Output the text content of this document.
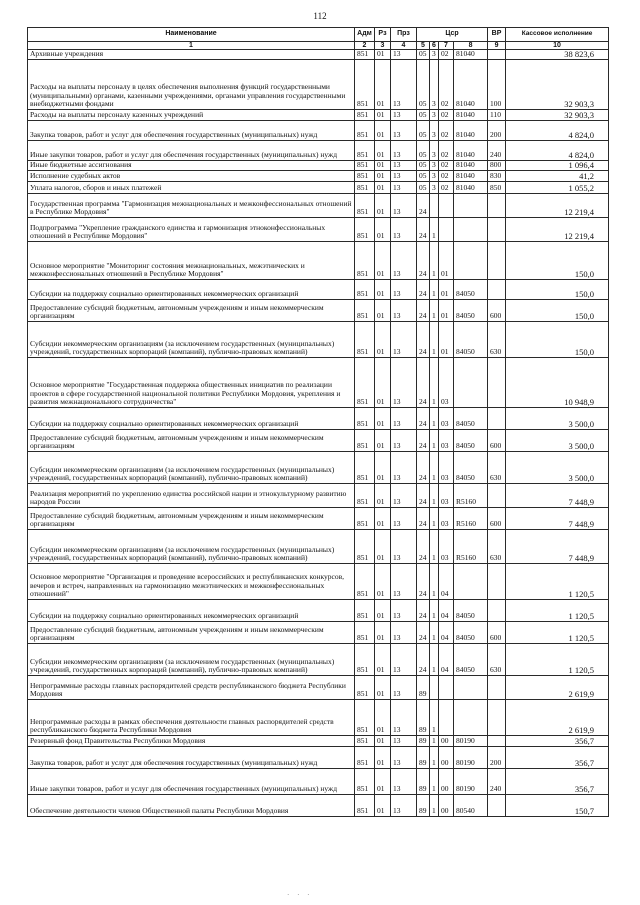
112
Наименование	Адм	Рз	Прз	Цср				ВР	Кассовое исполнение
1	2	3	4	5	6	7	8	9	10
Архивные учреждения	851	01	13	05	3	02	81040		38 823,6
Расходы на выплаты персоналу в целях обеспечения выполнения функций государственными (муниципальными) органами, казенными учреждениями, органами управления государственными внебюджетными фондами	851	01	13	05	3	02	81040	100	32 903,3
Расходы на выплаты персоналу казенных учреждений	851	01	13	05	3	02	81040	110	32 903,3
Закупка товаров, работ и услуг для обеспечения государственных (муниципальных) нужд	851	01	13	05	3	02	81040	200	4 824,0
Иные закупки товаров, работ и услуг для обеспечения государственных (муниципальных) нужд	851	01	13	05	3	02	81040	240	4 824,0
Иные бюджетные ассигнования	851	01	13	05	3	02	81040	800	1 096,4
Исполнение судебных актов	851	01	13	05	3	02	81040	830	41,2
Уплата налогов, сборов и иных платежей	851	01	13	05	3	02	81040	850	1 055,2
Государственная программа "Гармонизация межнациональных и межконфессиональных отношений в Республике Мордовия"	851	01	13	24					12 219,4
Подпрограмма "Укрепление гражданского единства и гармонизация этноконфессиональных отношений в Республике Мордовия"	851	01	13	24	1				12 219,4
Основное мероприятие "Мониторинг состояния межнациональных, межэтнических и межконфессиональных отношений в Республике Мордовия"	851	01	13	24	1	01			150,0
Субсидии на поддержку социально ориентированных некоммерческих организаций	851	01	13	24	1	01	84050		150,0
Предоставление субсидий бюджетным, автономным учреждениям и иным некоммерческим организациям	851	01	13	24	1	01	84050	600	150,0
Субсидии некоммерческим организациям (за исключением государственных (муниципальных) учреждений, государственных корпораций (компаний), публично-правовых компаний)	851	01	13	24	1	01	84050	630	150,0
Основное мероприятие "Государственная поддержка общественных инициатив по реализации проектов в сфере государственной национальной политики Республики Мордовия, укрепления и развития межнационального сотрудничества"	851	01	13	24	1	03			10 948,9
Субсидии на поддержку социально ориентированных некоммерческих организаций	851	01	13	24	1	03	84050		3 500,0
Предоставление субсидий бюджетным, автономным учреждениям и иным некоммерческим организациям	851	01	13	24	1	03	84050	600	3 500,0
Субсидии некоммерческим организациям (за исключением государственных (муниципальных) учреждений, государственных корпораций (компаний), публично-правовых компаний)	851	01	13	24	1	03	84050	630	3 500,0
Реализация мероприятий по укреплению единства российской нации и этнокультурному развитию народов России	851	01	13	24	1	03	R5160		7 448,9
Предоставление субсидий бюджетным, автономным учреждениям и иным некоммерческим организациям	851	01	13	24	1	03	R5160	600	7 448,9
Субсидии некоммерческим организациям (за исключением государственных (муниципальных) учреждений, государственных корпораций (компаний), публично-правовых компаний)	851	01	13	24	1	03	R5160	630	7 448,9
Основное мероприятие "Организация и проведение всероссийских и республиканских конкурсов, вечеров и встреч, направленных на гармонизацию межэтнических и межконфессиональных отношений"	851	01	13	24	1	04			1 120,5
Субсидии на поддержку социально ориентированных некоммерческих организаций	851	01	13	24	1	04	84050		1 120,5
Предоставление субсидий бюджетным, автономным учреждениям и иным некоммерческим организациям	851	01	13	24	1	04	84050	600	1 120,5
Субсидии некоммерческим организациям (за исключением государственных (муниципальных) учреждений, государственных корпораций (компаний), публично-правовых компаний)	851	01	13	24	1	04	84050	630	1 120,5
Непрограммные расходы главных распорядителей средств республиканского бюджета Республики Мордовия	851	01	13	89					2 619,9
Непрограммные расходы в рамках обеспечения деятельности главных распорядителей средств республиканского бюджета Республики Мордовия	851	01	13	89	1				2 619,9
Резервный фонд Правительства Республики Мордовия	851	01	13	89	1	00	80190		356,7
Закупка товаров, работ и услуг для обеспечения государственных (муниципальных) нужд	851	01	13	89	1	00	80190	200	356,7
Иные закупки товаров, работ и услуг для обеспечения государственных (муниципальных) нужд	851	01	13	89	1	00	80190	240	356,7
Обеспечение деятельности членов Общественной палаты Республики Мордовия	851	01	13	89	1	00	80540		150,7
· · ·
